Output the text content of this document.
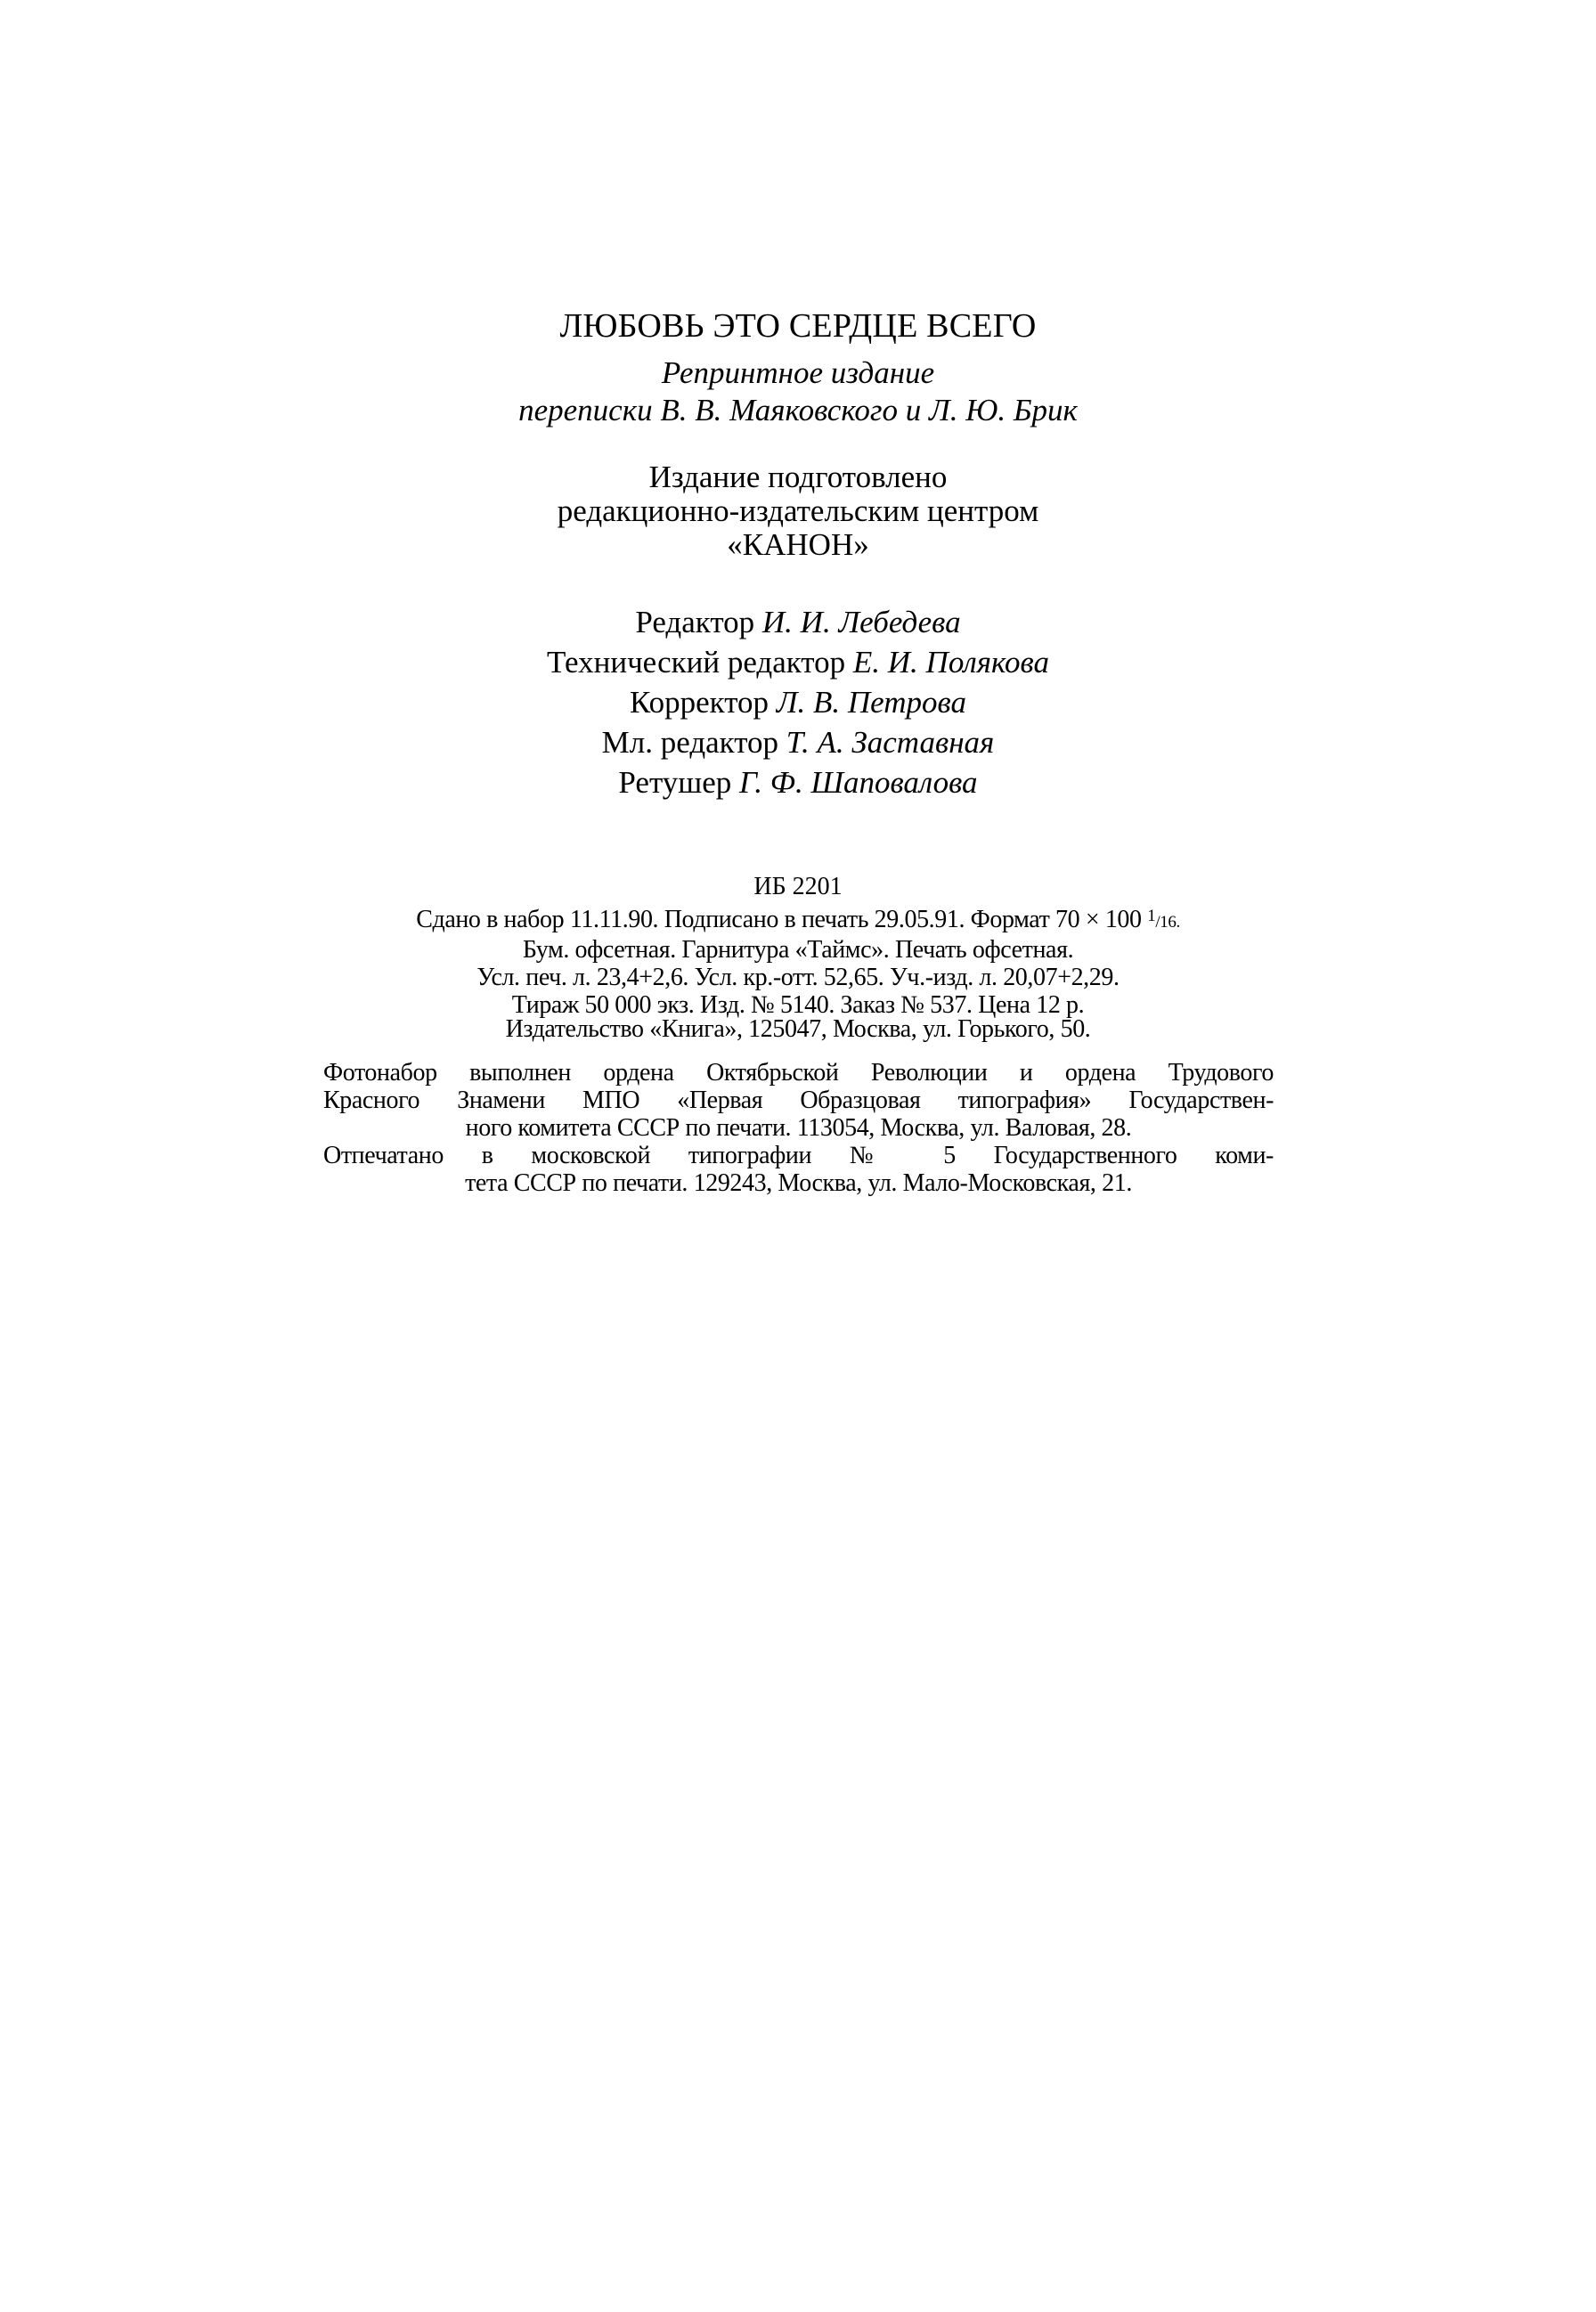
ЛЮБОВЬ ЭТО СЕРДЦЕ ВСЕГО
Репринтное издание
переписки В. В. Маяковского и Л. Ю. Брик
Издание подготовлено
редакционно-издательским центром
«КАНОН»
Редактор И. И. Лебедева
Технический редактор Е. И. Полякова
Корректор Л. В. Петрова
Мл. редактор Т. А. Заставная
Ретушер Г. Ф. Шаповалова
ИБ 2201
Сдано в набор 11.11.90. Подписано в печать 29.05.91. Формат 70 × 100 $^1$/16.
Бум. офсетная. Гарнитура «Таймс». Печать офсетная.
Усл. печ. л. 23,4+2,6. Усл. кр.-отт. 52,65. Уч.-изд. л. 20,07+2,29.
Тираж 50 000 экз. Изд. № 5140. Заказ № 537. Цена 12 р.
Издательство «Книга», 125047, Москва, ул. Горького, 50.
Фотонабор выполнен ордена Октябрьской Революции и ордена Трудового
Красного Знамени МПО «Первая Образцовая типография» Государствен-
ного комитета СССР по печати. 113054, Москва, ул. Валовая, 28.
Отпечатано в московской типографии № 5 Государственного коми-
тета СССР по печати. 129243, Москва, ул. Мало-Московская, 21.
